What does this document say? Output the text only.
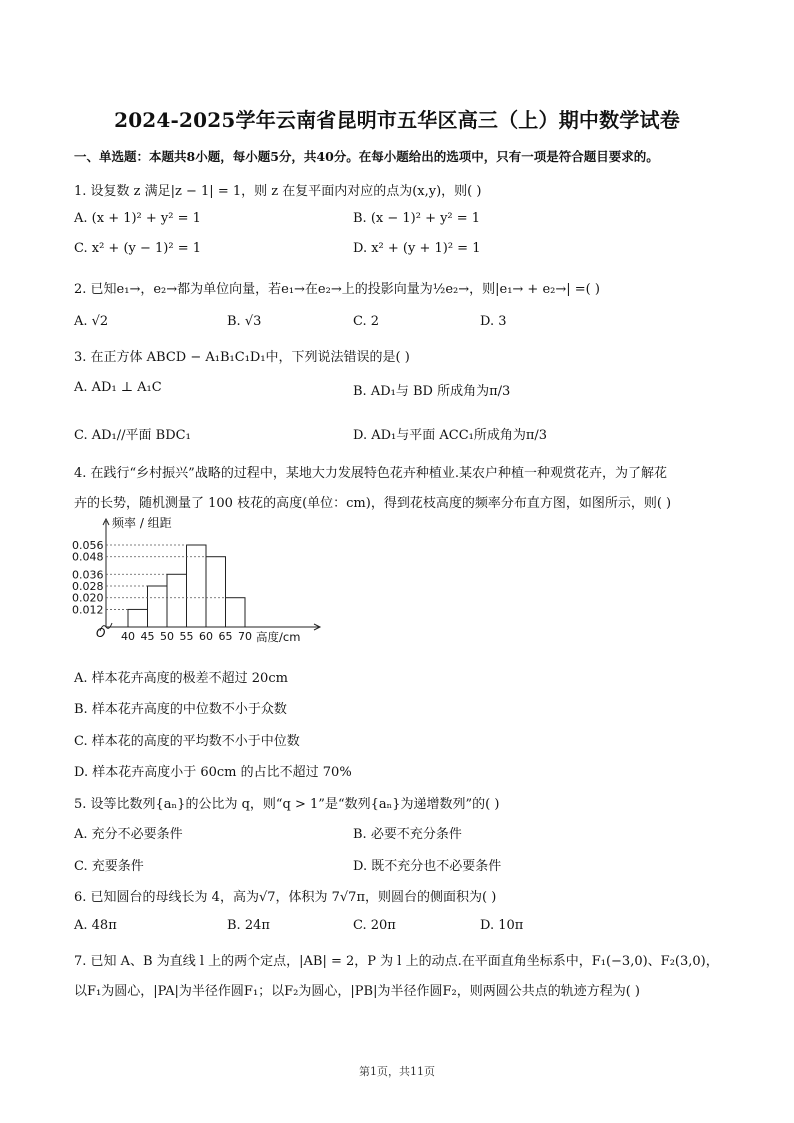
2024-2025学年云南省昆明市五华区高三（上）期中数学试卷
一、单选题：本题共8小题，每小题5分，共40分。在每小题给出的选项中，只有一项是符合题目要求的。
1. 设复数 z 满足|z − 1| = 1，则 z 在复平面内对应的点为(x,y)，则( )
A. (x + 1)² + y² = 1	B. (x − 1)² + y² = 1
C. x² + (y − 1)² = 1	D. x² + (y + 1)² = 1
2. 已知e₁→，e₂→都为单位向量，若e₁→在e₂→上的投影向量为½e₂→，则|e₁→ + e₂→| =( )
A. √2	B. √3	C. 2	D. 3
3. 在正方体 ABCD − A₁B₁C₁D₁中，下列说法错误的是( )
A. AD₁ ⊥ A₁C	B. AD₁与 BD 所成角为π/3
C. AD₁//平面 BDC₁	D. AD₁与平面 ACC₁所成角为π/3
4. 在践行“乡村振兴”战略的过程中，某地大力发展特色花卉种植业.某农户种植一种观赏花卉，为了解花
卉的长势，随机测量了 100 枝花的高度(单位：cm)，得到花枝高度的频率分布直方图，如图所示，则( )
0.056
0.048
0.036
0.028
0.020
0.012
40 45 50 55 60 65 70
O
频率 / 组距
高度/cm
A. 样本花卉高度的极差不超过 20cm
B. 样本花卉高度的中位数不小于众数
C. 样本花的高度的平均数不小于中位数
D. 样本花卉高度小于 60cm 的占比不超过 70%
5. 设等比数列{aₙ}的公比为 q，则“q > 1”是“数列{aₙ}为递增数列”的( )
A. 充分不必要条件	B. 必要不充分条件
C. 充要条件	D. 既不充分也不必要条件
6. 已知圆台的母线长为 4，高为√7，体积为 7√7π，则圆台的侧面积为( )
A. 48π	B. 24π	C. 20π	D. 10π
7. 已知 A、B 为直线 l 上的两个定点，|AB| = 2，P 为 l 上的动点.在平面直角坐标系中，F₁(−3,0)、F₂(3,0)，
以F₁为圆心，|PA|为半径作圆F₁；以F₂为圆心，|PB|为半径作圆F₂，则两圆公共点的轨迹方程为( )
第1页，共11页
